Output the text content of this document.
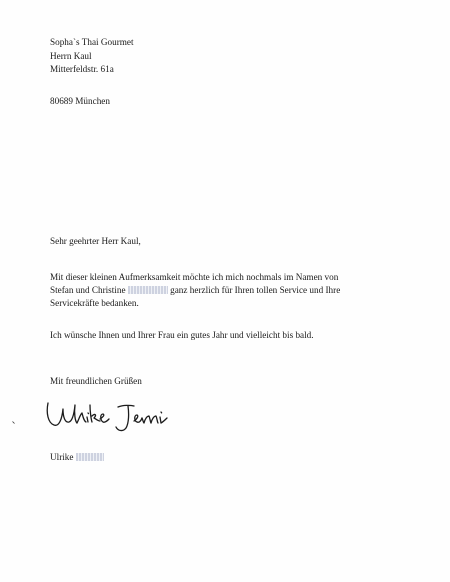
Sopha`s Thai Gourmet
Herrn Kaul
Mitterfeldstr. 61a
80689 München
Sehr geehrter Herr Kaul,
Mit dieser kleinen Aufmerksamkeit möchte ich mich nochmals im Namen von
Stefan und Christine	ganz herzlich für Ihren tollen Service und Ihre
Servicekräfte bedanken.
Ich wünsche Ihnen und Ihrer Frau ein gutes Jahr und vielleicht bis bald.
Mit freundlichen Grüßen
Ulrike
